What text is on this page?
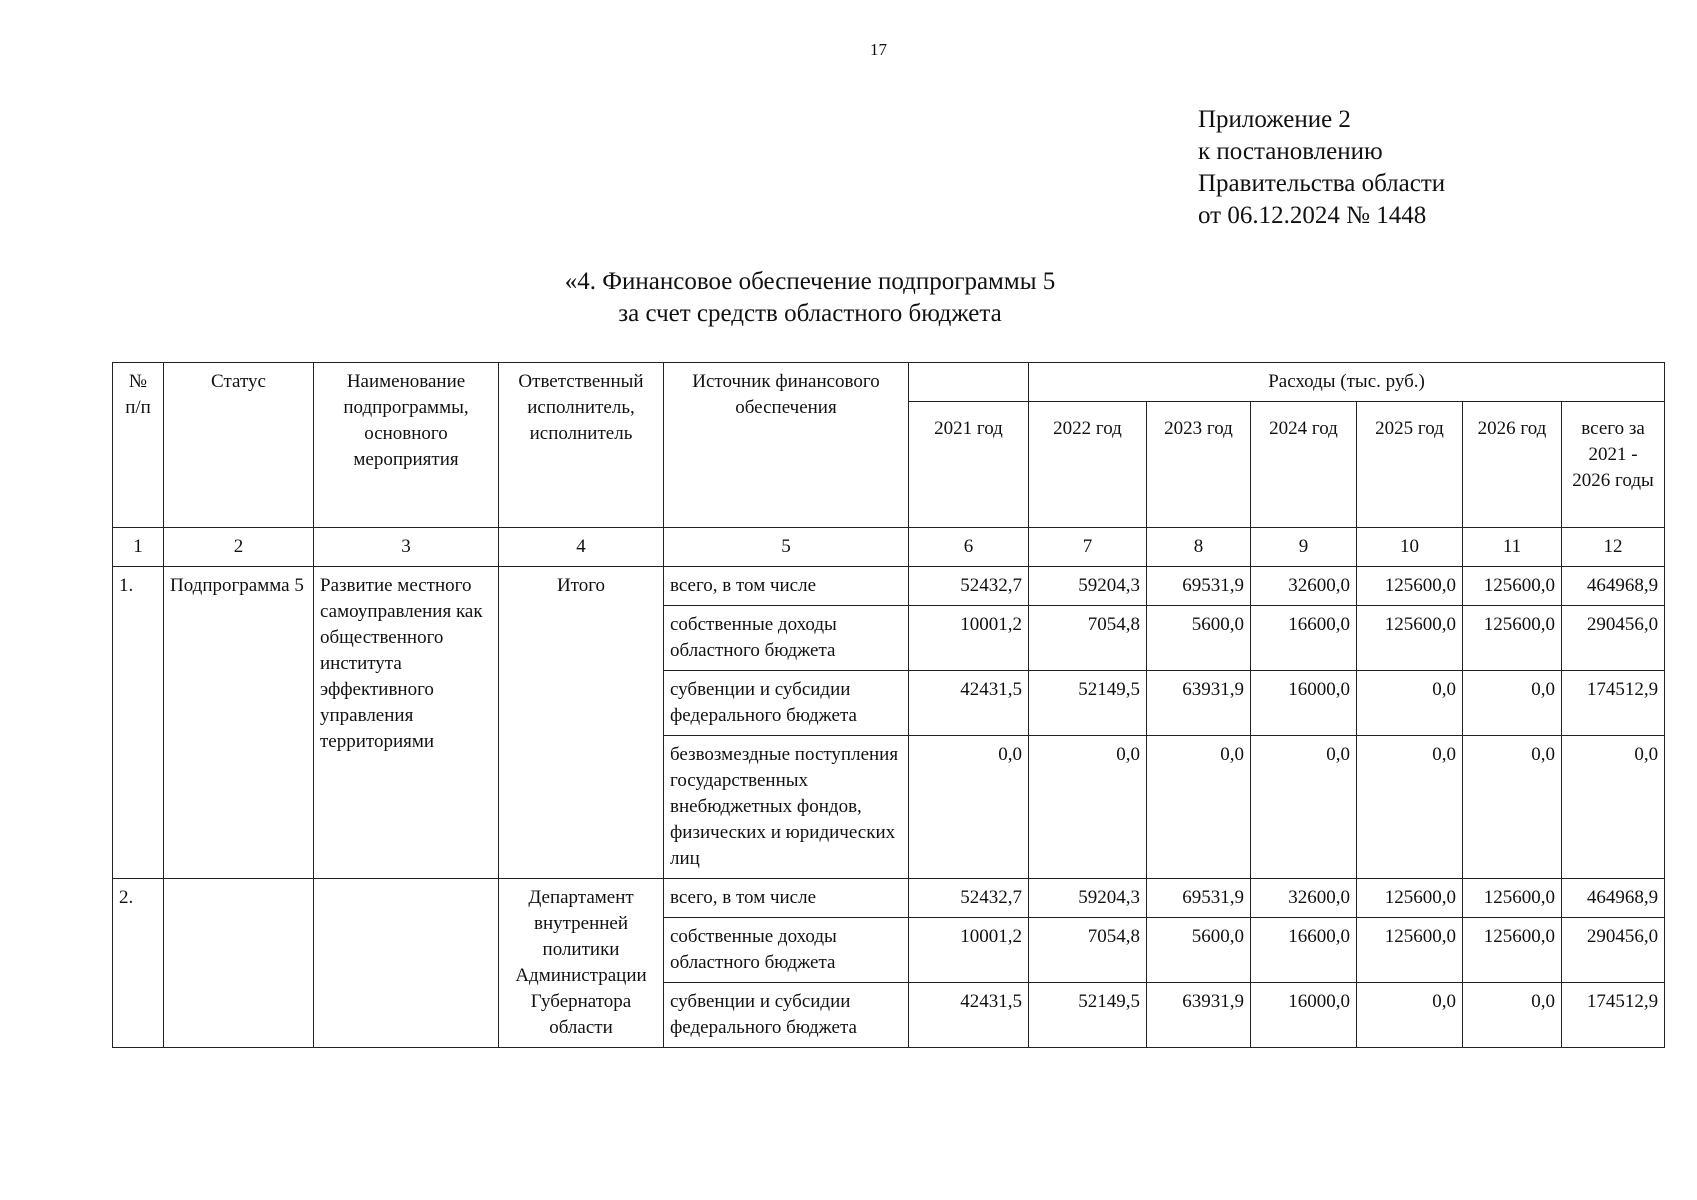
17
Приложение 2
к постановлению
Правительства области
от 06.12.2024 № 1448
«4. Финансовое обеспечение подпрограммы 5
за счет средств областного бюджета
№ п/п	Статус	Наименование подпрограммы, основного мероприятия	Ответственный исполнитель, исполнитель	Источник финансового обеспечения		Расходы (тыс. руб.)					
					2021 год	2022 год	2023 год	2024 год	2025 год	2026 год	всего за 2021 - 2026 годы
1	2	3	4	5	6	7	8	9	10	11	12
1.	Подпрограмма 5	Развитие местного самоуправления как общественного института эффективного управления территориями	Итого	всего, в том числе	52432,7	59204,3	69531,9	32600,0	125600,0	125600,0	464968,9
				собственные доходы областного бюджета	10001,2	7054,8	5600,0	16600,0	125600,0	125600,0	290456,0
				субвенции и субсидии федерального бюджета	42431,5	52149,5	63931,9	16000,0	0,0	0,0	174512,9
				безвозмездные поступления государственных внебюджетных фондов, физических и юридических лиц	0,0	0,0	0,0	0,0	0,0	0,0	0,0
2.			Департамент внутренней политики Администрации Губернатора области	всего, в том числе	52432,7	59204,3	69531,9	32600,0	125600,0	125600,0	464968,9
				собственные доходы областного бюджета	10001,2	7054,8	5600,0	16600,0	125600,0	125600,0	290456,0
				субвенции и субсидии федерального бюджета	42431,5	52149,5	63931,9	16000,0	0,0	0,0	174512,9
